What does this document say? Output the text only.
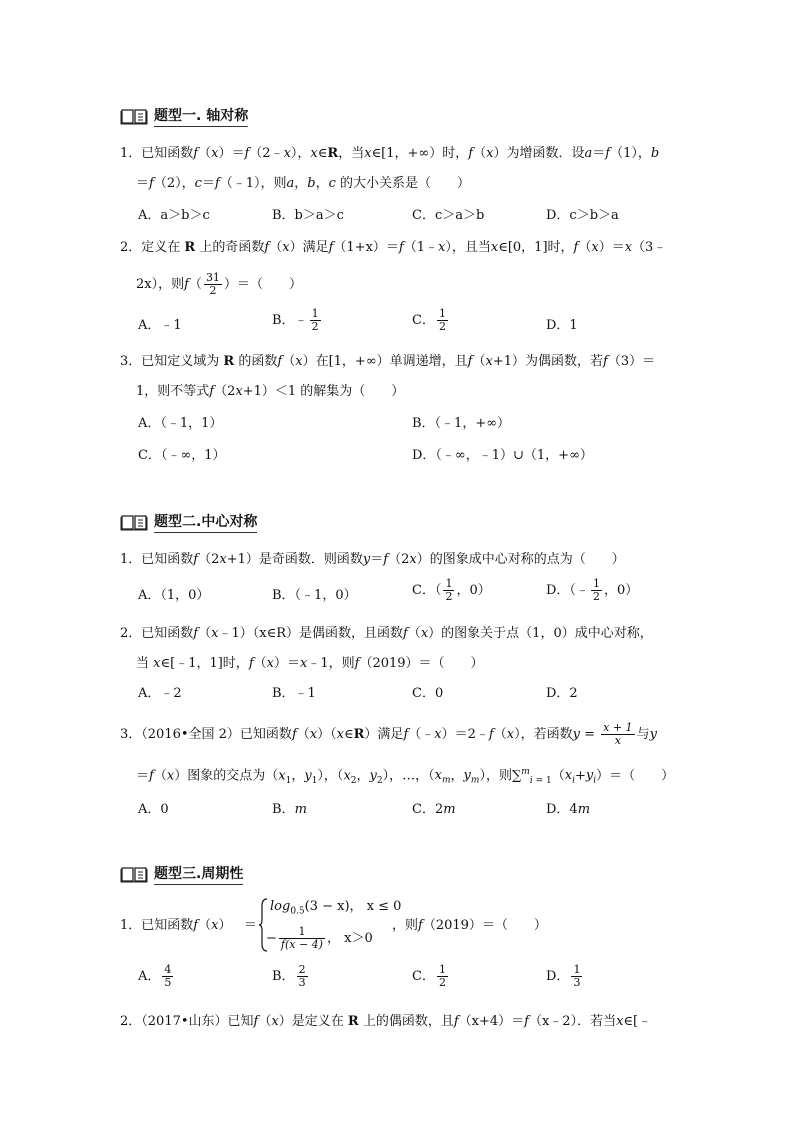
题型一. 轴对称
1．已知函数f（x）＝f（2﹣x），x∈R，当x∈[1，+∞）时，f（x）为增函数．设a＝f（1），b
＝f（2），c＝f（﹣1），则a，b，c 的大小关系是（　　）
A．a＞b＞c	B．b＞a＞c	C．c＞a＞b	D．c＞b＞a
2．定义在 R 上的奇函数f（x）满足f（1+x）＝f（1﹣x），且当x∈[0，1]时，f（x）＝x（3﹣
2x），则$f( \frac{31}{2}$ ）＝（　　）
A．﹣1	B．﹣ $\frac{1}{2}$	C． $\frac{1}{2}$	D．1
3．已知定义域为 R 的函数f（x）在[1，+∞）单调递增，且f（x+1）为偶函数，若f（3）＝
1，则不等式f（2x+1）＜1 的解集为（　　）
A．（﹣1，1）	B．（﹣1，+∞）
C．（﹣∞，1）	D．（﹣∞，﹣1）∪（1，+∞）
题型二.中心对称
1．已知函数f（2x+1）是奇函数．则函数y＝f（2x）的图象成中心对称的点为（　　）
A．（1，0）	B．（﹣1，0）	C．（ $\frac{1}{2}$ ，0）	D．（﹣ $\frac{1}{2}$ ，0）
2．已知函数f（x﹣1）（x∈R）是偶函数，且函数f（x）的图象关于点（1，0）成中心对称，
当 x∈[﹣1，1]时，f（x）＝x﹣1，则f（2019）＝（　　）
A．﹣2	B．﹣1	C．0	D．2
3．（2016•全国 2）已知函数f（x）（x∈R）满足f（﹣x）＝2﹣f（x），若函数$y = \frac{x + 1}{x}$ 与y
＝f（x）图象的交点为（$x_1$，$y_1$），（$x_2$，$y_2$），…，（$x_m$，$y_m$），则$\sum^m_{i = 1}(x_i+y_i)=$（　　）
A．0	B．m	C．2m	D．4m
题型三.周期性
1．已知函数f（x）   ＝
$\log_{0.5}(3 - x)$， x ≤ 0
− $\frac{1}{f(x - 4)}$ ， x＞0
，则f（2019）＝（　　）
A． $\frac{4}{5}$	B． $\frac{2}{3}$	C． $\frac{1}{2}$	D． $\frac{1}{3}$
2．（2017•山东）已知f（x）是定义在 R 上的偶函数，且f（x+4）＝f（x﹣2）．若当x∈[﹣
